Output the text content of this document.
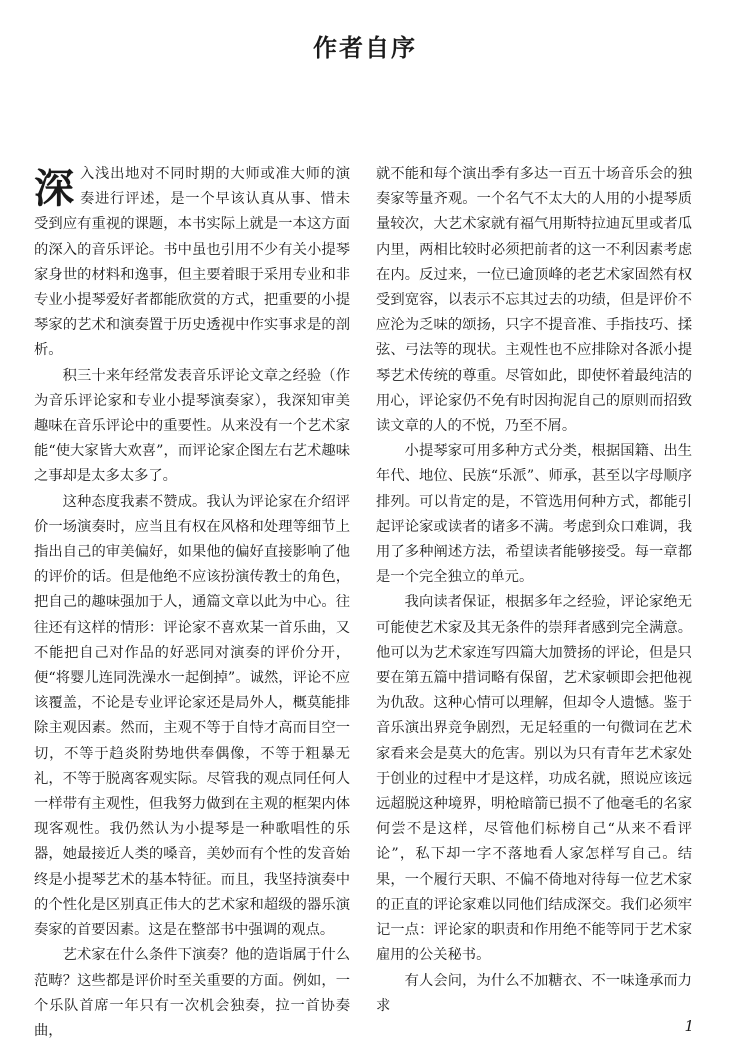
作者自序

深入浅出地对不同时期的大师或准大师的演奏进行评述，是一个早该认真从事、惜未受到应有重视的课题，本书实际上就是一本这方面的深入的音乐评论。书中虽也引用不少有关小提琴家身世的材料和逸事，但主要着眼于采用专业和非专业小提琴爱好者都能欣赏的方式，把重要的小提琴家的艺术和演奏置于历史透视中作实事求是的剖析。

积三十来年经常发表音乐评论文章之经验（作为音乐评论家和专业小提琴演奏家），我深知审美趣味在音乐评论中的重要性。从来没有一个艺术家能“使大家皆大欢喜”，而评论家企图左右艺术趣味之事却是太多太多了。

这种态度我素不赞成。我认为评论家在介绍评价一场演奏时，应当且有权在风格和处理等细节上指出自己的审美偏好，如果他的偏好直接影响了他的评价的话。但是他绝不应该扮演传教士的角色，把自己的趣味强加于人，通篇文章以此为中心。往往还有这样的情形：评论家不喜欢某一首乐曲，又不能把自己对作品的好恶同对演奏的评价分开，便“将婴儿连同洗澡水一起倒掉”。诚然，评论不应该覆盖，不论是专业评论家还是局外人，概莫能排除主观因素。然而，主观不等于自恃才高而目空一切，不等于趋炎附势地供奉偶像，不等于粗暴无礼，不等于脱离客观实际。尽管我的观点同任何人一样带有主观性，但我努力做到在主观的框架内体现客观性。我仍然认为小提琴是一种歌唱性的乐器，她最接近人类的嗓音，美妙而有个性的发音始终是小提琴艺术的基本特征。而且，我坚持演奏中的个性化是区别真正伟大的艺术家和超级的器乐演奏家的首要因素。这是在整部书中强调的观点。

艺术家在什么条件下演奏？他的造诣属于什么范畴？这些都是评价时至关重要的方面。例如，一个乐队首席一年只有一次机会独奏，拉一首协奏曲，

就不能和每个演出季有多达一百五十场音乐会的独奏家等量齐观。一个名气不太大的人用的小提琴质量较次，大艺术家就有福气用斯特拉迪瓦里或者瓜内里，两相比较时必须把前者的这一不利因素考虑在内。反过来，一位已逾顶峰的老艺术家固然有权受到宽容，以表示不忘其过去的功绩，但是评价不应沦为乏味的颂扬，只字不提音准、手指技巧、揉弦、弓法等的现状。主观性也不应排除对各派小提琴艺术传统的尊重。尽管如此，即使怀着最纯洁的用心，评论家仍不免有时因拘泥自己的原则而招致读文章的人的不悦，乃至不屑。

小提琴家可用多种方式分类，根据国籍、出生年代、地位、民族“乐派”、师承，甚至以字母顺序排列。可以肯定的是，不管选用何种方式，都能引起评论家或读者的诸多不满。考虑到众口难调，我用了多种阐述方法，希望读者能够接受。每一章都是一个完全独立的单元。

我向读者保证，根据多年之经验，评论家绝无可能使艺术家及其无条件的崇拜者感到完全满意。他可以为艺术家连写四篇大加赞扬的评论，但是只要在第五篇中措词略有保留，艺术家顿即会把他视为仇敌。这种心情可以理解，但却令人遗憾。鉴于音乐演出界竞争剧烈，无足轻重的一句微词在艺术家看来会是莫大的危害。别以为只有青年艺术家处于创业的过程中才是这样，功成名就，照说应该远远超脱这种境界，明枪暗箭已损不了他毫毛的名家何尝不是这样，尽管他们标榜自己“从来不看评论”，私下却一字不落地看人家怎样写自己。结果，一个履行天职、不偏不倚地对待每一位艺术家的正直的评论家难以同他们结成深交。我们必须牢记一点：评论家的职责和作用绝不能等同于艺术家雇用的公关秘书。

有人会问，为什么不加糖衣、不一味逢承而力求

1
